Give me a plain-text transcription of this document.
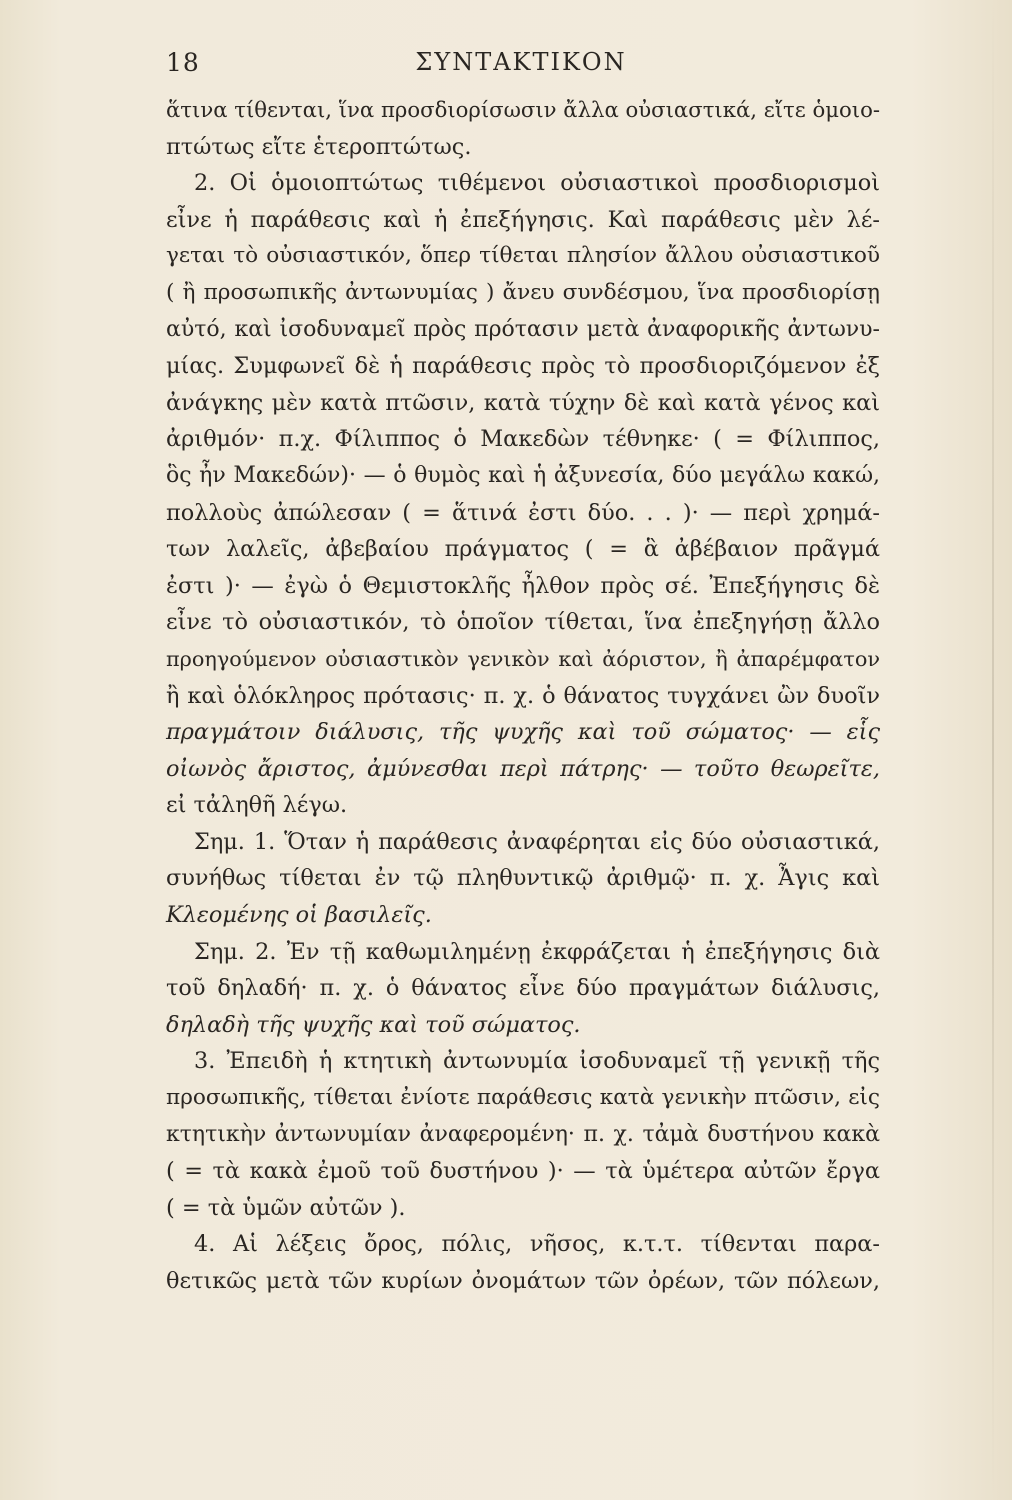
18	ΣΥΝΤΑΚΤΙΚΟΝ
ἅτινα τίθενται, ἵνα προσδιορίσωσιν ἄλλα οὐσιαστικά, εἴτε ὁμοιο-
πτώτως εἴτε ἑτεροπτώτως.
2. Οἱ ὁμοιοπτώτως τιθέμενοι οὐσιαστικοὶ προσδιορισμοὶ
εἶνε ἡ παράθεσις καὶ ἡ ἐπεξήγησις. Καὶ παράθεσις μὲν λέ-
γεται τὸ οὐσιαστικόν, ὅπερ τίθεται πλησίον ἄλλου οὐσιαστικοῦ
( ἢ προσωπικῆς ἀντωνυμίας ) ἄνευ συνδέσμου, ἵνα προσδιορίσῃ
αὐτό, καὶ ἰσοδυναμεῖ πρὸς πρότασιν μετὰ ἀναφορικῆς ἀντωνυ-
μίας. Συμφωνεῖ δὲ ἡ παράθεσις πρὸς τὸ προσδιοριζόμενον ἐξ
ἀνάγκης μὲν κατὰ πτῶσιν, κατὰ τύχην δὲ καὶ κατὰ γένος καὶ
ἀριθμόν· π.χ. Φίλιππος ὁ Μακεδὼν τέθνηκε· ( = Φίλιππος,
ὃς ἦν Μακεδών)· — ὁ θυμὸς καὶ ἡ ἀξυνεσία, δύο μεγάλω κακώ,
πολλοὺς ἀπώλεσαν ( = ἅτινά ἐστι δύο. . . )· — περὶ χρημά-
των λαλεῖς, ἀβεβαίου πράγματος ( = ἃ ἀβέβαιον πρᾶγμά
ἐστι )· — ἐγὼ ὁ Θεμιστοκλῆς ἦλθον πρὸς σέ. Ἐπεξήγησις δὲ
εἶνε τὸ οὐσιαστικόν, τὸ ὁποῖον τίθεται, ἵνα ἐπεξηγήσῃ ἄλλο
προηγούμενον οὐσιαστικὸν γενικὸν καὶ ἀόριστον, ἢ ἀπαρέμφατον
ἢ καὶ ὁλόκληρος πρότασις· π. χ. ὁ θάνατος τυγχάνει ὢν δυοῖν
πραγμάτοιν διάλυσις, τῆς ψυχῆς καὶ τοῦ σώματος· — εἷς
οἰωνὸς ἄριστος, ἀμύνεσθαι περὶ πάτρης· — τοῦτο θεωρεῖτε,
εἰ τἀληθῆ λέγω.
Σημ. 1. Ὅταν ἡ παράθεσις ἀναφέρηται εἰς δύο οὐσιαστικά,
συνήθως τίθεται ἐν τῷ πληθυντικῷ ἀριθμῷ· π. χ. Ἆγις καὶ
Κλεομένης οἱ βασιλεῖς.
Σημ. 2. Ἐν τῇ καθωμιλημένῃ ἐκφράζεται ἡ ἐπεξήγησις διὰ
τοῦ δηλαδή· π. χ. ὁ θάνατος εἶνε δύο πραγμάτων διάλυσις,
δηλαδὴ τῆς ψυχῆς καὶ τοῦ σώματος.
3. Ἐπειδὴ ἡ κτητικὴ ἀντωνυμία ἰσοδυναμεῖ τῇ γενικῇ τῆς
προσωπικῆς, τίθεται ἐνίοτε παράθεσις κατὰ γενικὴν πτῶσιν, εἰς
κτητικὴν ἀντωνυμίαν ἀναφερομένη· π. χ. τἀμὰ δυστήνου κακὰ
( = τὰ κακὰ ἐμοῦ τοῦ δυστήνου )· — τὰ ὑμέτερα αὐτῶν ἔργα
( = τὰ ὑμῶν αὐτῶν ).
4. Αἱ λέξεις ὄρος, πόλις, νῆσος, κ.τ.τ. τίθενται παρα-
θετικῶς μετὰ τῶν κυρίων ὀνομάτων τῶν ὀρέων, τῶν πόλεων,
